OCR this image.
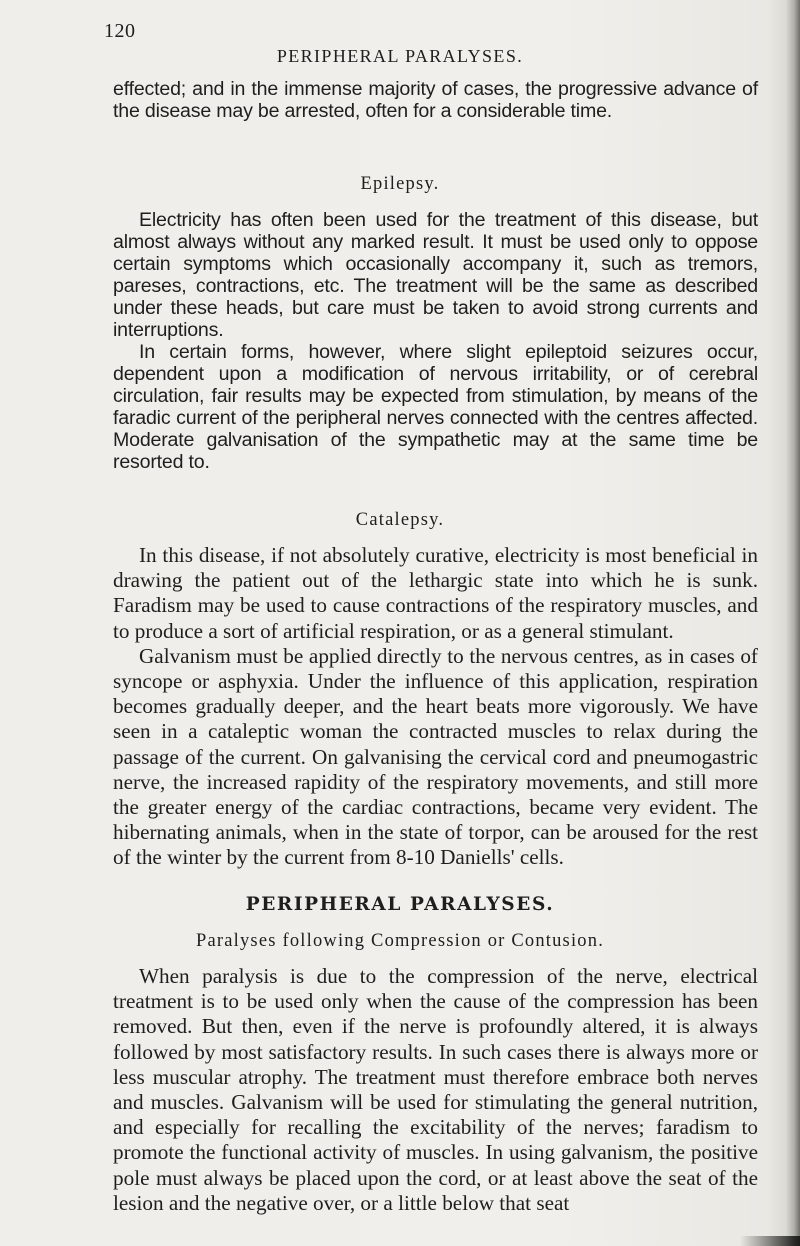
120
PERIPHERAL PARALYSES.

effected; and in the immense majority of cases, the progressive advance of the disease may be arrested, often for a considerable time.

Epilepsy.

Electricity has often been used for the treatment of this disease, but almost always without any marked result. It must be used only to oppose certain symptoms which occasionally accompany it, such as tremors, pareses, contractions, etc. The treatment will be the same as described under these heads, but care must be taken to avoid strong currents and interruptions.

In certain forms, however, where slight epileptoid seizures occur, dependent upon a modification of nervous irritability, or of cerebral circulation, fair results may be expected from stimulation, by means of the faradic current of the peripheral nerves connected with the centres affected. Moderate galvanisation of the sympathetic may at the same time be resorted to.

Catalepsy.

In this disease, if not absolutely curative, electricity is most beneficial in drawing the patient out of the lethargic state into which he is sunk. Faradism may be used to cause contractions of the respiratory muscles, and to produce a sort of artificial respiration, or as a general stimulant.

Galvanism must be applied directly to the nervous centres, as in cases of syncope or asphyxia. Under the influence of this application, respiration becomes gradually deeper, and the heart beats more vigorously. We have seen in a cataleptic woman the contracted muscles to relax during the passage of the current. On galvanising the cervical cord and pneumogastric nerve, the increased rapidity of the respiratory movements, and still more the greater energy of the cardiac contractions, became very evident. The hibernating animals, when in the state of torpor, can be aroused for the rest of the winter by the current from 8-10 Daniells' cells.

PERIPHERAL PARALYSES.
Paralyses following Compression or Contusion.

When paralysis is due to the compression of the nerve, electrical treatment is to be used only when the cause of the compression has been removed. But then, even if the nerve is profoundly altered, it is always followed by most satisfactory results. In such cases there is always more or less muscular atrophy. The treatment must therefore embrace both nerves and muscles. Galvanism will be used for stimulating the general nutrition, and especially for recalling the excitability of the nerves; faradism to promote the functional activity of muscles. In using galvanism, the positive pole must always be placed upon the cord, or at least above the seat of the lesion and the negative over, or a little below that seat
